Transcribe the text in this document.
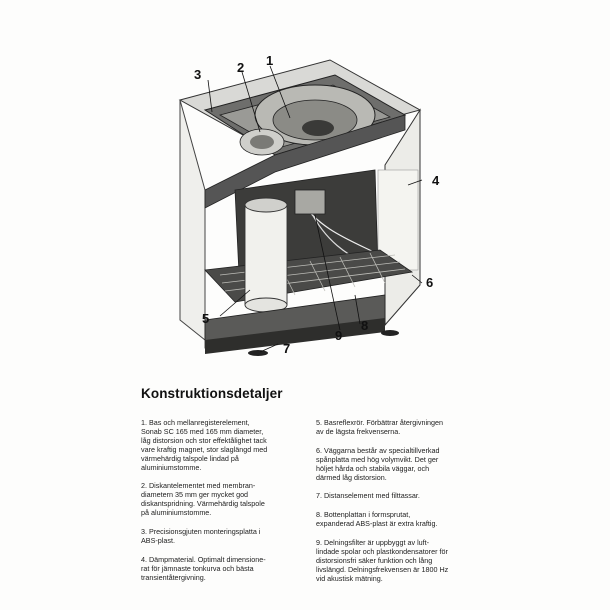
1
2
3
4
5
6
7
8
9
Konstruktionsdetaljer

1. Bas och mellanregisterelement,
Sonab SC 165 med 165 mm diameter,
låg distorsion och stor effektålighet tack
vare kraftig magnet, stor slaglängd med
värmehärdig talspole lindad på
aluminiumstomme.

2. Diskantelementet med membran-
diametern 35 mm ger mycket god
diskantspridning. Värmehärdig talspole
på aluminiumstomme.

3. Precisionsgjuten monteringsplatta i
ABS-plast.

4. Dämpmaterial. Optimalt dimensione-
rat för jämnaste tonkurva och bästa
transientåtergivning.

5. Basreflexrör. Förbättrar återgivningen
av de lägsta frekvenserna.

6. Väggarna består av specialtillverkad
spånplatta med hög volymvikt. Det ger
höljet hårda och stabila väggar, och
därmed låg distorsion.

7. Distanselement med filttassar.

8. Bottenplattan i formsprutat,
expanderad ABS-plast är extra kraftig.

9. Delningsfilter är uppbyggt av luft-
lindade spolar och plastkondensatorer för
distorsionsfri säker funktion och lång
livslängd. Delningsfrekvensen är 1800 Hz
vid akustisk mätning.
